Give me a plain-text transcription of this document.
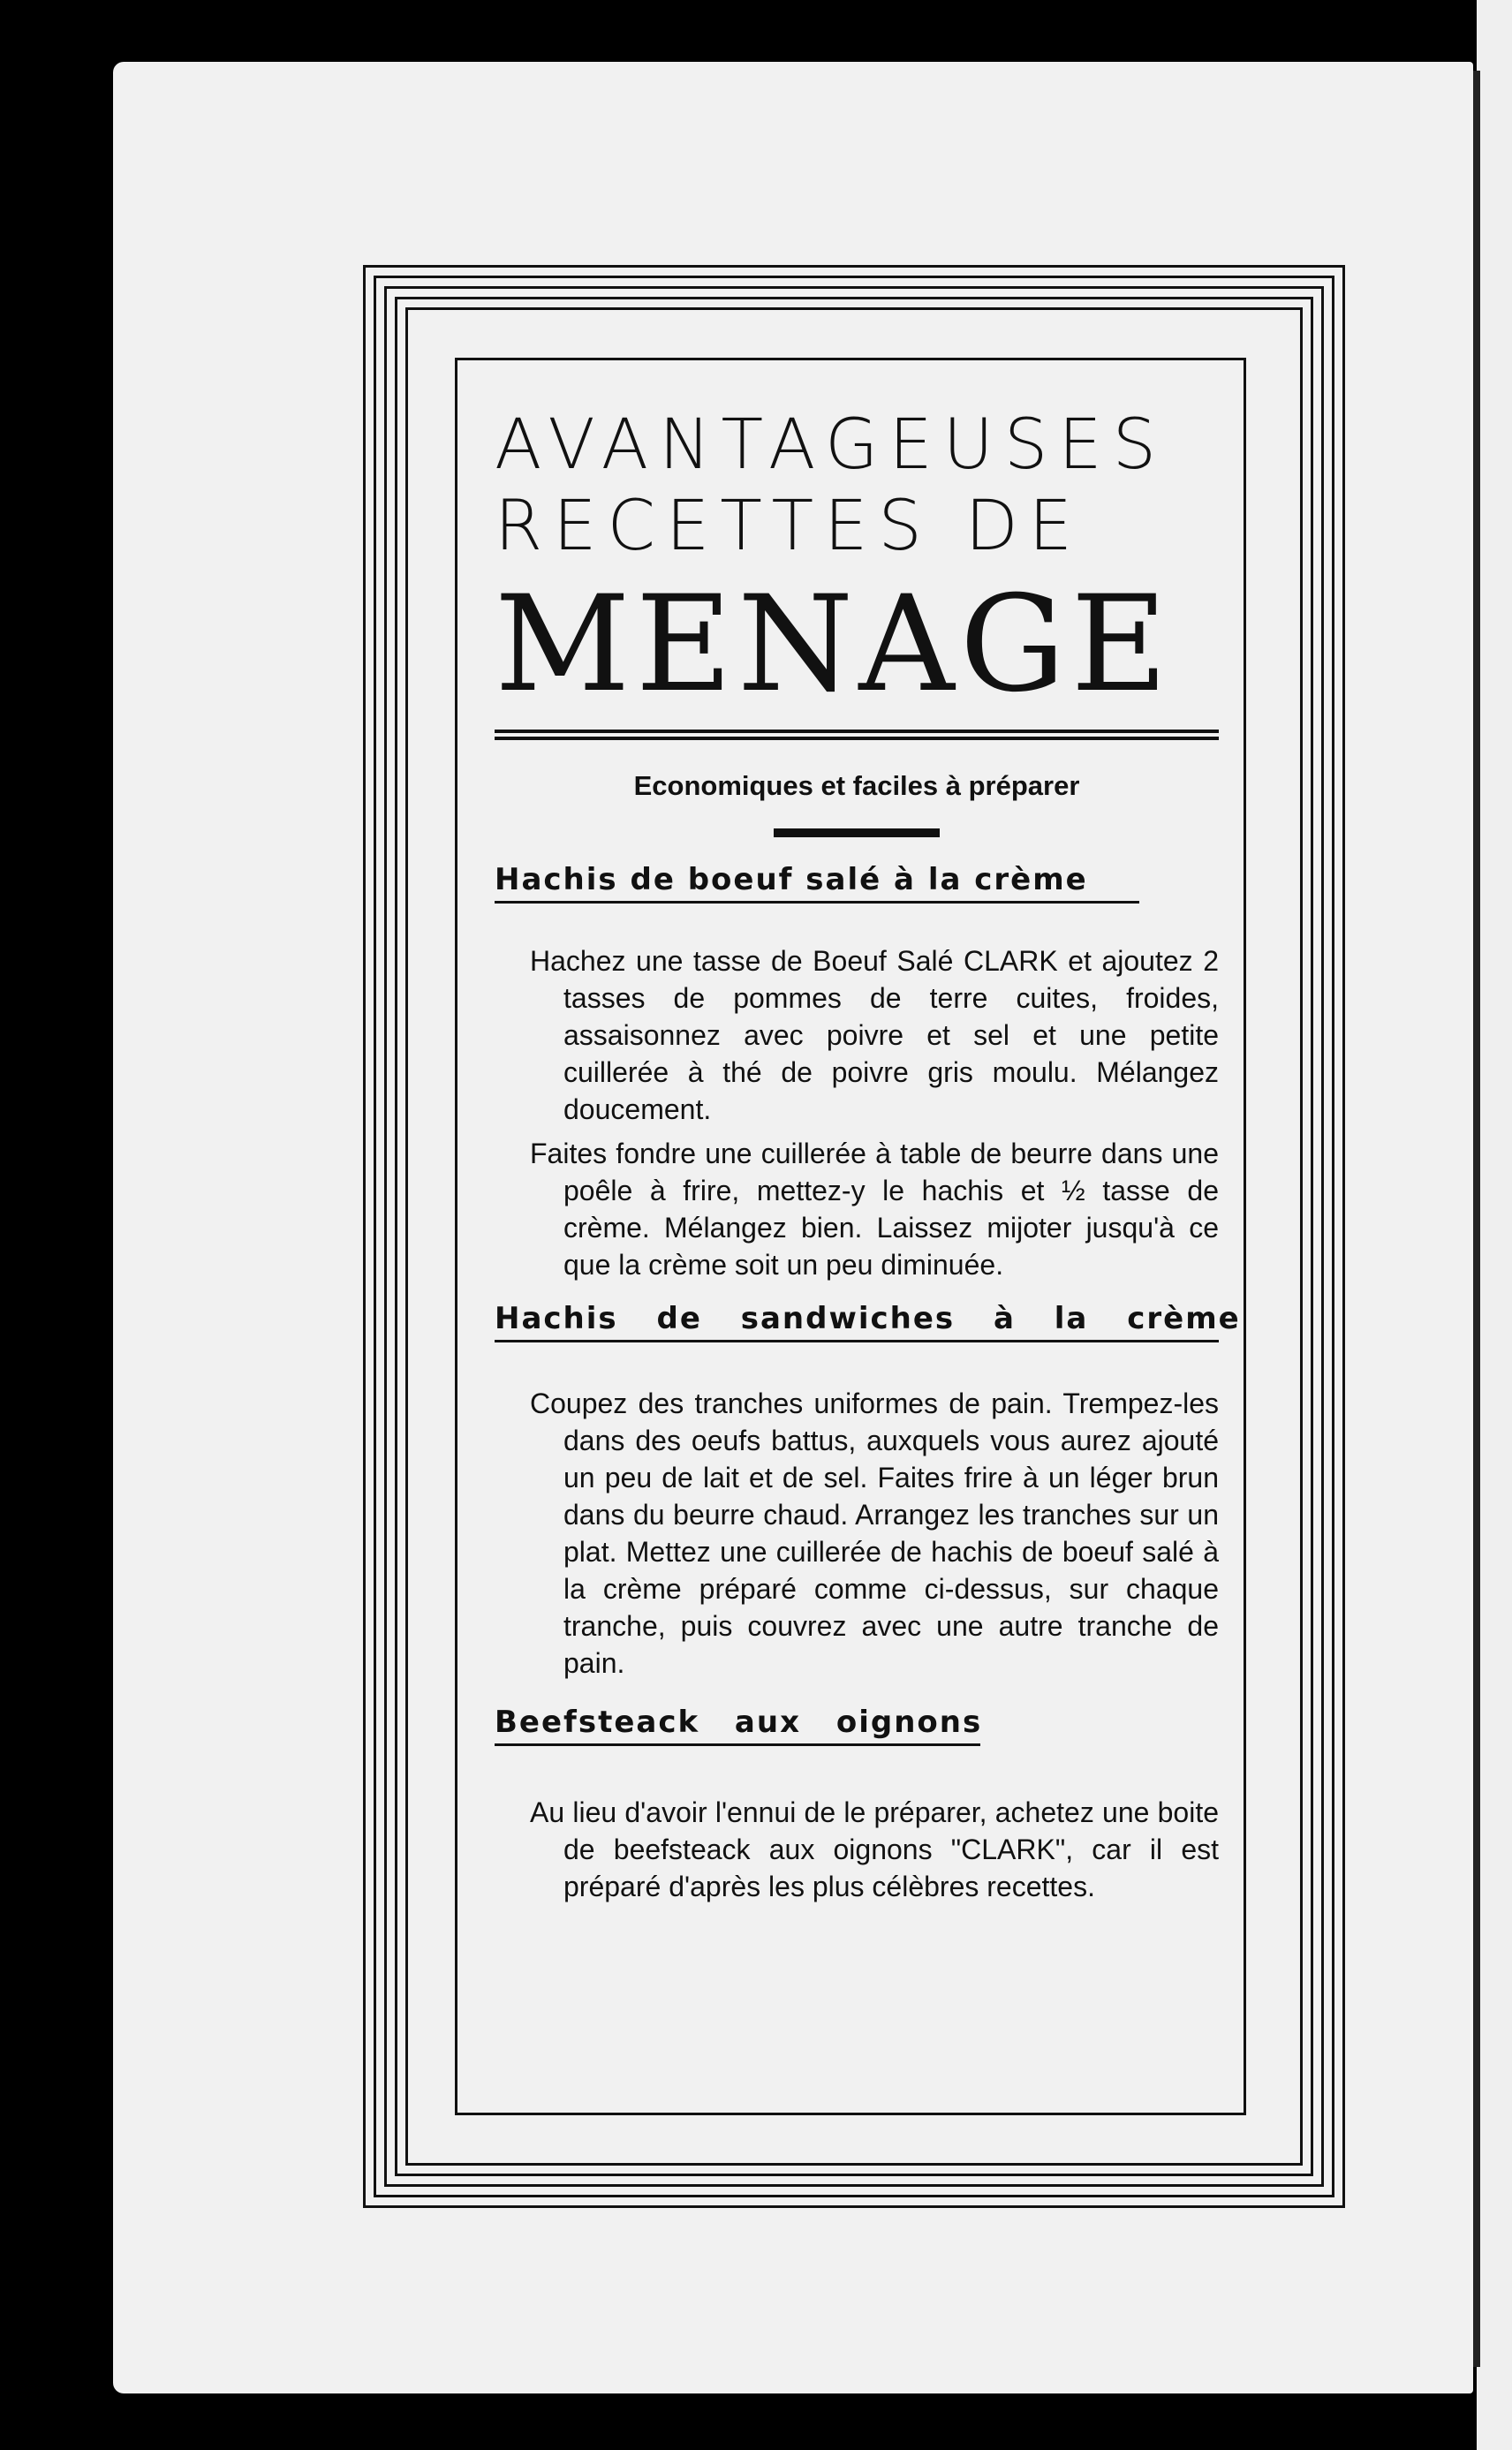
AVANTAGEUSES

RECETTES DE

MENAGE

Economiques et faciles à préparer

Hachis de boeuf salé à la crème

Hachez une tasse de Boeuf Salé CLARK et ajoutez 2 tasses de pommes de terre cuites, froides, assaisonnez avec poivre et sel et une petite cuillerée à thé de poivre gris moulu. Mélangez doucement.

Faites fondre une cuillerée à table de beurre dans une poêle à frire, mettez-y le hachis et ½ tasse de crème. Mélangez bien. Laissez mijoter jusqu'à ce que la crème soit un peu diminuée.

Hachis de sandwiches à la crème

Coupez des tranches uniformes de pain. Trempez-les dans des oeufs battus, auxquels vous aurez ajouté un peu de lait et de sel. Faites frire à un léger brun dans du beurre chaud. Arrangez les tranches sur un plat. Mettez une cuillerée de hachis de boeuf salé à la crème préparé comme ci-dessus, sur chaque tranche, puis couvrez avec une autre tranche de pain.

Beefsteack aux oignons

Au lieu d'avoir l'ennui de le préparer, achetez une boite de beefsteack aux oignons "CLARK", car il est préparé d'après les plus célèbres recettes.
